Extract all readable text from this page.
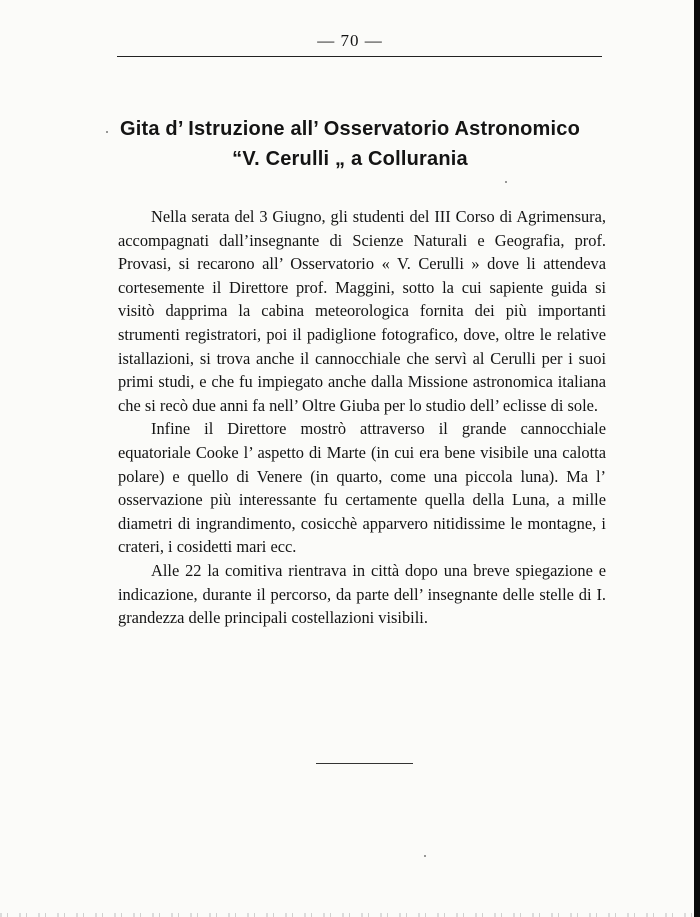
— 70 —
Gita d’ Istruzione all’ Osservatorio Astronomico
“V. Cerulli „ a Collurania

Nella serata del 3 Giugno, gli studenti del III Corso di Agrimensura, accompagnati dall’insegnante di Scienze Naturali e Geografia, prof. Provasi, si recarono all’ Osservatorio « V. Cerulli » dove li attendeva cortesemente il Direttore prof. Maggini, sotto la cui sapiente guida si visitò dapprima la cabina meteorologica fornita dei più importanti strumenti registratori, poi il padiglione fotografico, dove, oltre le relative istallazioni, si trova anche il cannocchiale che servì al Cerulli per i suoi primi studi, e che fu impiegato anche dalla Missione astronomica italiana che si recò due anni fa nell’ Oltre Giuba per lo studio dell’ eclisse di sole.

Infine il Direttore mostrò attraverso il grande cannocchiale equatoriale Cooke l’ aspetto di Marte (in cui era bene visibile una calotta polare) e quello di Venere (in quarto, come una piccola luna). Ma l’ osservazione più interessante fu certamente quella della Luna, a mille diametri di ingrandimento, cosicchè apparvero nitidissime le montagne, i crateri, i cosidetti mari ecc.

Alle 22 la comitiva rientrava in città dopo una breve spiegazione e indicazione, durante il percorso, da parte dell’ insegnante delle stelle di I. grandezza delle principali costellazioni visibili.
